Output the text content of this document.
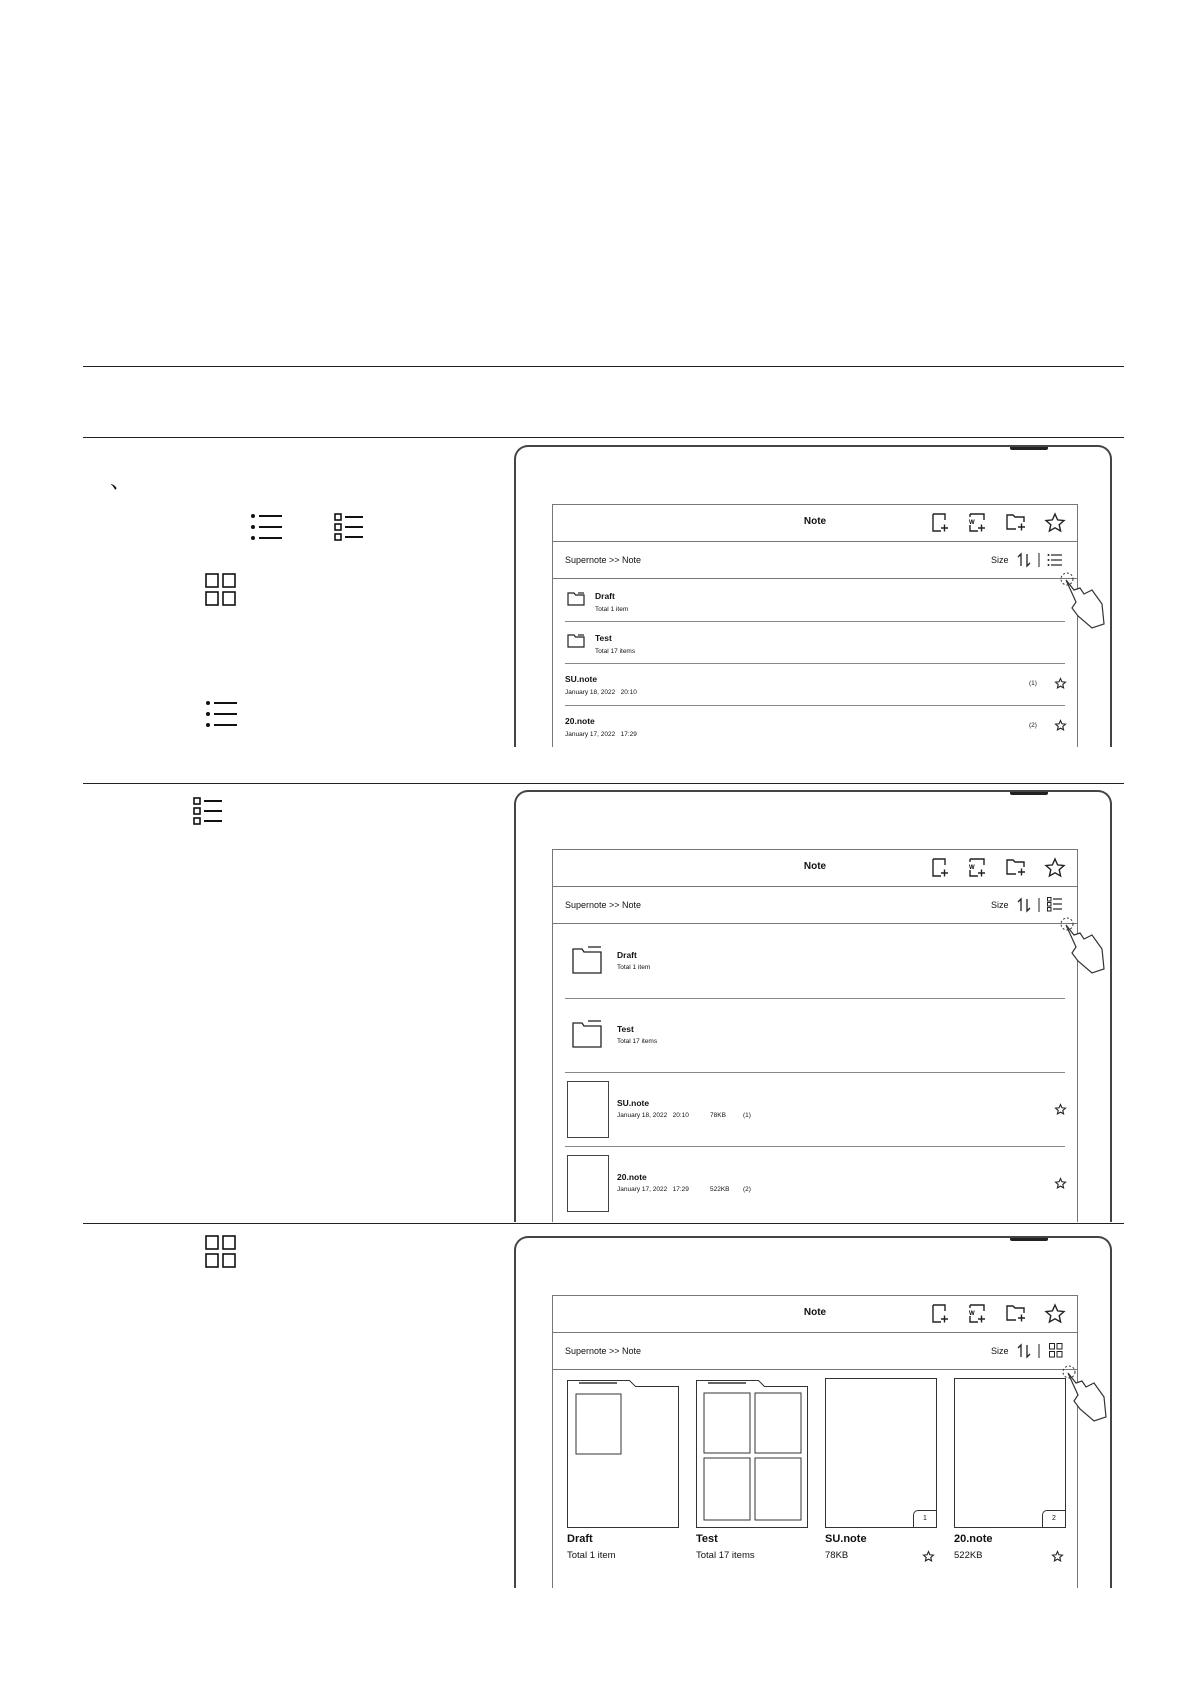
、
Note	W
Supernote >> Note	Size
Draft
Total 1 item
Test
Total 17 items
SU.note
January 18, 2022   20:10
(1)
20.note
January 17, 2022   17:29
(2)
Note	W
Supernote >> Note	Size
Draft
Total 1 item
Test
Total 17 items
SU.note
January 18, 2022   20:10	78KB	(1)
20.note
January 17, 2022   17:29	522KB (2)
Note	W
Supernote >> Note	Size
Draft
Total 1 item
Test
Total 17 items
1
SU.note
78KB
2
20.note
522KB
